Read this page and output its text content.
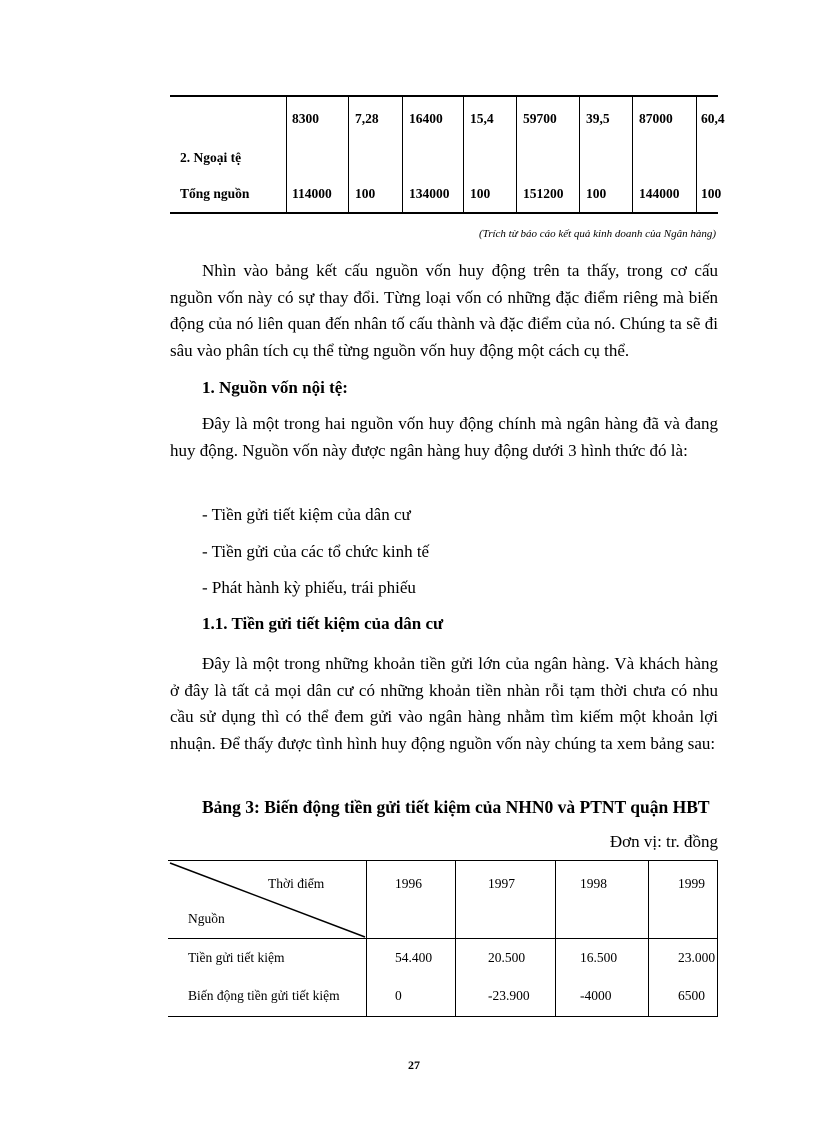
2. Ngoại tệ
8300	7,28 16400 15,4 59700 39,5 87000 60,4
Tổng nguồn	114000 100	134000 100 151200 100 144000 100
(Trích từ báo cáo kết quả kinh doanh của Ngân hàng)

Nhìn vào bảng kết cấu nguồn vốn huy động trên ta thấy, trong cơ cấu nguồn vốn này có sự thay đổi. Từng loại vốn có những đặc điểm riêng mà biến động của nó liên quan đến nhân tố cấu thành và đặc điểm của nó. Chúng ta sẽ đi sâu vào phân tích cụ thể từng nguồn vốn huy động một cách cụ thể.

1. Nguồn vốn nội tệ:

Đây là một trong hai nguồn vốn huy động chính mà ngân hàng đã và đang huy động. Nguồn vốn này được ngân hàng huy động dưới 3 hình thức đó là:

- Tiền gửi tiết kiệm của dân cư
- Tiền gửi của các tổ chức kinh tế
- Phát hành kỳ phiếu, trái phiếu
1.1. Tiền gửi tiết kiệm của dân cư

Đây là một trong những khoản tiền gửi lớn của ngân hàng. Và khách hàng ở đây là tất cả mọi dân cư có những khoản tiền nhàn rỗi tạm thời chưa có nhu cầu sử dụng thì có thể đem gửi vào ngân hàng nhằm tìm kiếm một khoản lợi nhuận. Để thấy được tình hình huy động nguồn vốn này chúng ta xem bảng sau:

Bảng 3: Biến động tiền gửi tiết kiệm của NHN0 và PTNT quận HBT
Đơn vị: tr. đồng
Thời điểm
Nguồn
1996	1997	1998	1999
Tiền gửi tiết kiệm	54.400	20.500	16.500	23.000
Biến động tiền gửi tiết kiệm	0	-23.900	-4000	6500
27
